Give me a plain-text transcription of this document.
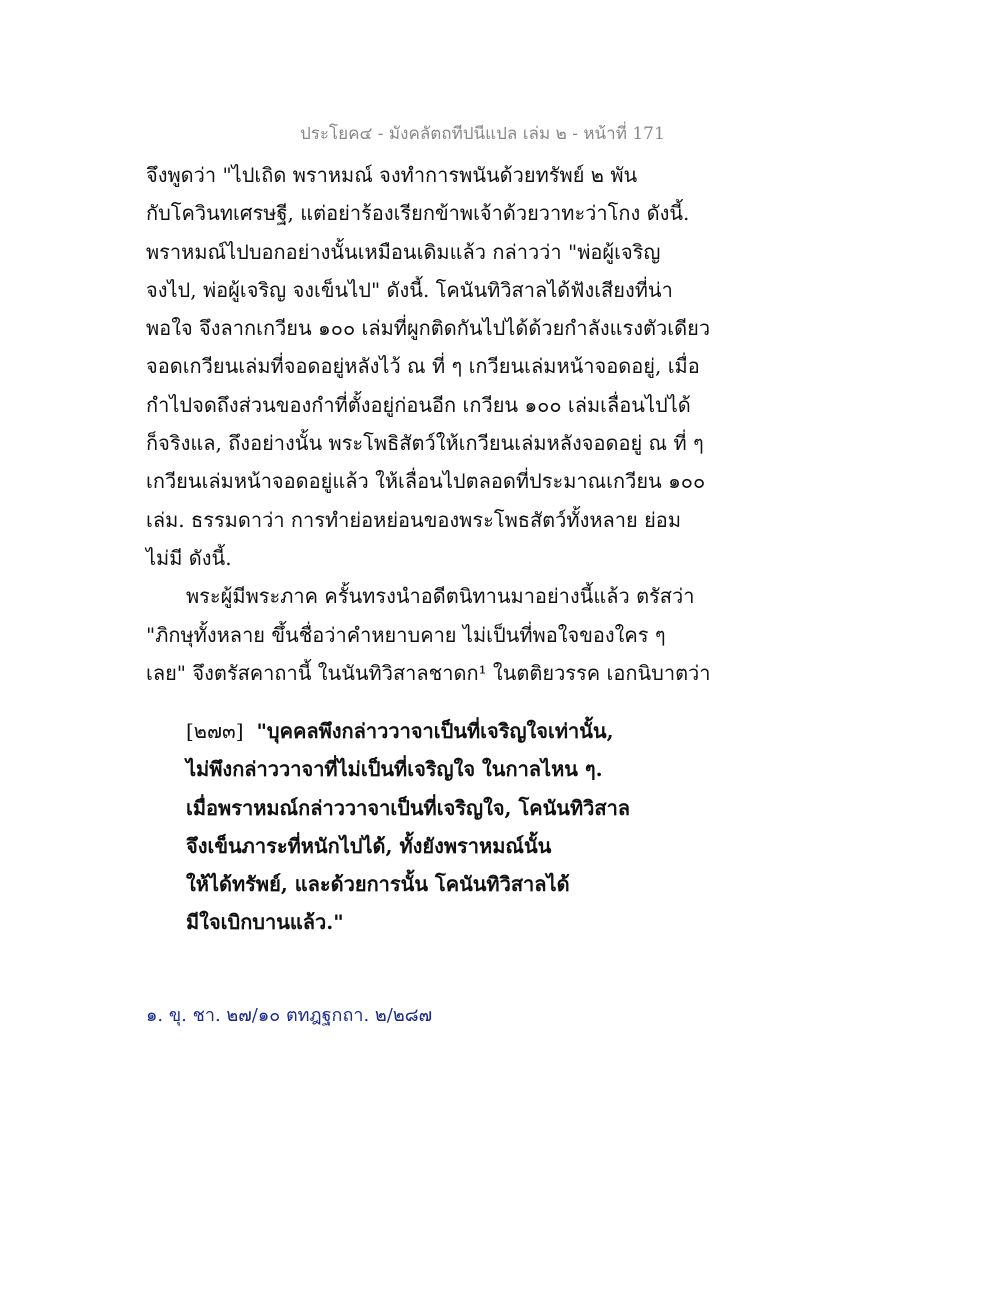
ประโยค๔ - มังคลัตถทีปนีแปล เล่ม ๒ - หน้าที่ 171
จึงพูดว่า "ไปเถิด พราหมณ์ จงทำการพนันด้วยทรัพย์ ๒ พัน
กับโควินทเศรษฐี, แต่อย่าร้องเรียกข้าพเจ้าด้วยวาทะว่าโกง ดังนี้.
พราหมณ์ไปบอกอย่างนั้นเหมือนเดิมแล้ว กล่าวว่า "พ่อผู้เจริญ
จงไป, พ่อผู้เจริญ จงเข็นไป" ดังนี้. โคนันทิวิสาลได้ฟังเสียงที่น่า
พอใจ จึงลากเกวียน ๑๐๐ เล่มที่ผูกติดกันไปได้ด้วยกำลังแรงตัวเดียว
จอดเกวียนเล่มที่จอดอยู่หลังไว้ ณ ที่ ๆ เกวียนเล่มหน้าจอดอยู่, เมื่อ
กำไปจดถึงส่วนของกำที่ตั้งอยู่ก่อนอีก เกวียน ๑๐๐ เล่มเลื่อนไปได้
ก็จริงแล, ถึงอย่างนั้น พระโพธิสัตว์ให้เกวียนเล่มหลังจอดอยู่ ณ ที่ ๆ
เกวียนเล่มหน้าจอดอยู่แล้ว ให้เลื่อนไปตลอดที่ประมาณเกวียน ๑๐๐
เล่ม. ธรรมดาว่า การทำย่อหย่อนของพระโพธสัตว์ทั้งหลาย ย่อม
ไม่มี ดังนี้.
พระผู้มีพระภาค ครั้นทรงนำอดีตนิทานมาอย่างนี้แล้ว ตรัสว่า
"ภิกษุทั้งหลาย ขึ้นชื่อว่าคำหยาบคาย ไม่เป็นที่พอใจของใคร ๆ
เลย" จึงตรัสคาถานี้ ในนันทิวิสาลชาดก¹ ในตติยวรรค เอกนิบาตว่า
[๒๗๓] "บุคคลพึงกล่าววาจาเป็นที่เจริญใจเท่านั้น,
ไม่พึงกล่าววาจาที่ไม่เป็นที่เจริญใจ ในกาลไหน ๆ.
เมื่อพราหมณ์กล่าววาจาเป็นที่เจริญใจ, โคนันทิวิสาล
จึงเข็นภาระที่หนักไปได้, ทั้งยังพราหมณ์นั้น
ให้ได้ทรัพย์, และด้วยการนั้น โคนันทิวิสาลได้
มีใจเบิกบานแล้ว."
๑. ขุ. ชา. ๒๗/๑๐ ตทฎฐกถา. ๒/๒๘๗
